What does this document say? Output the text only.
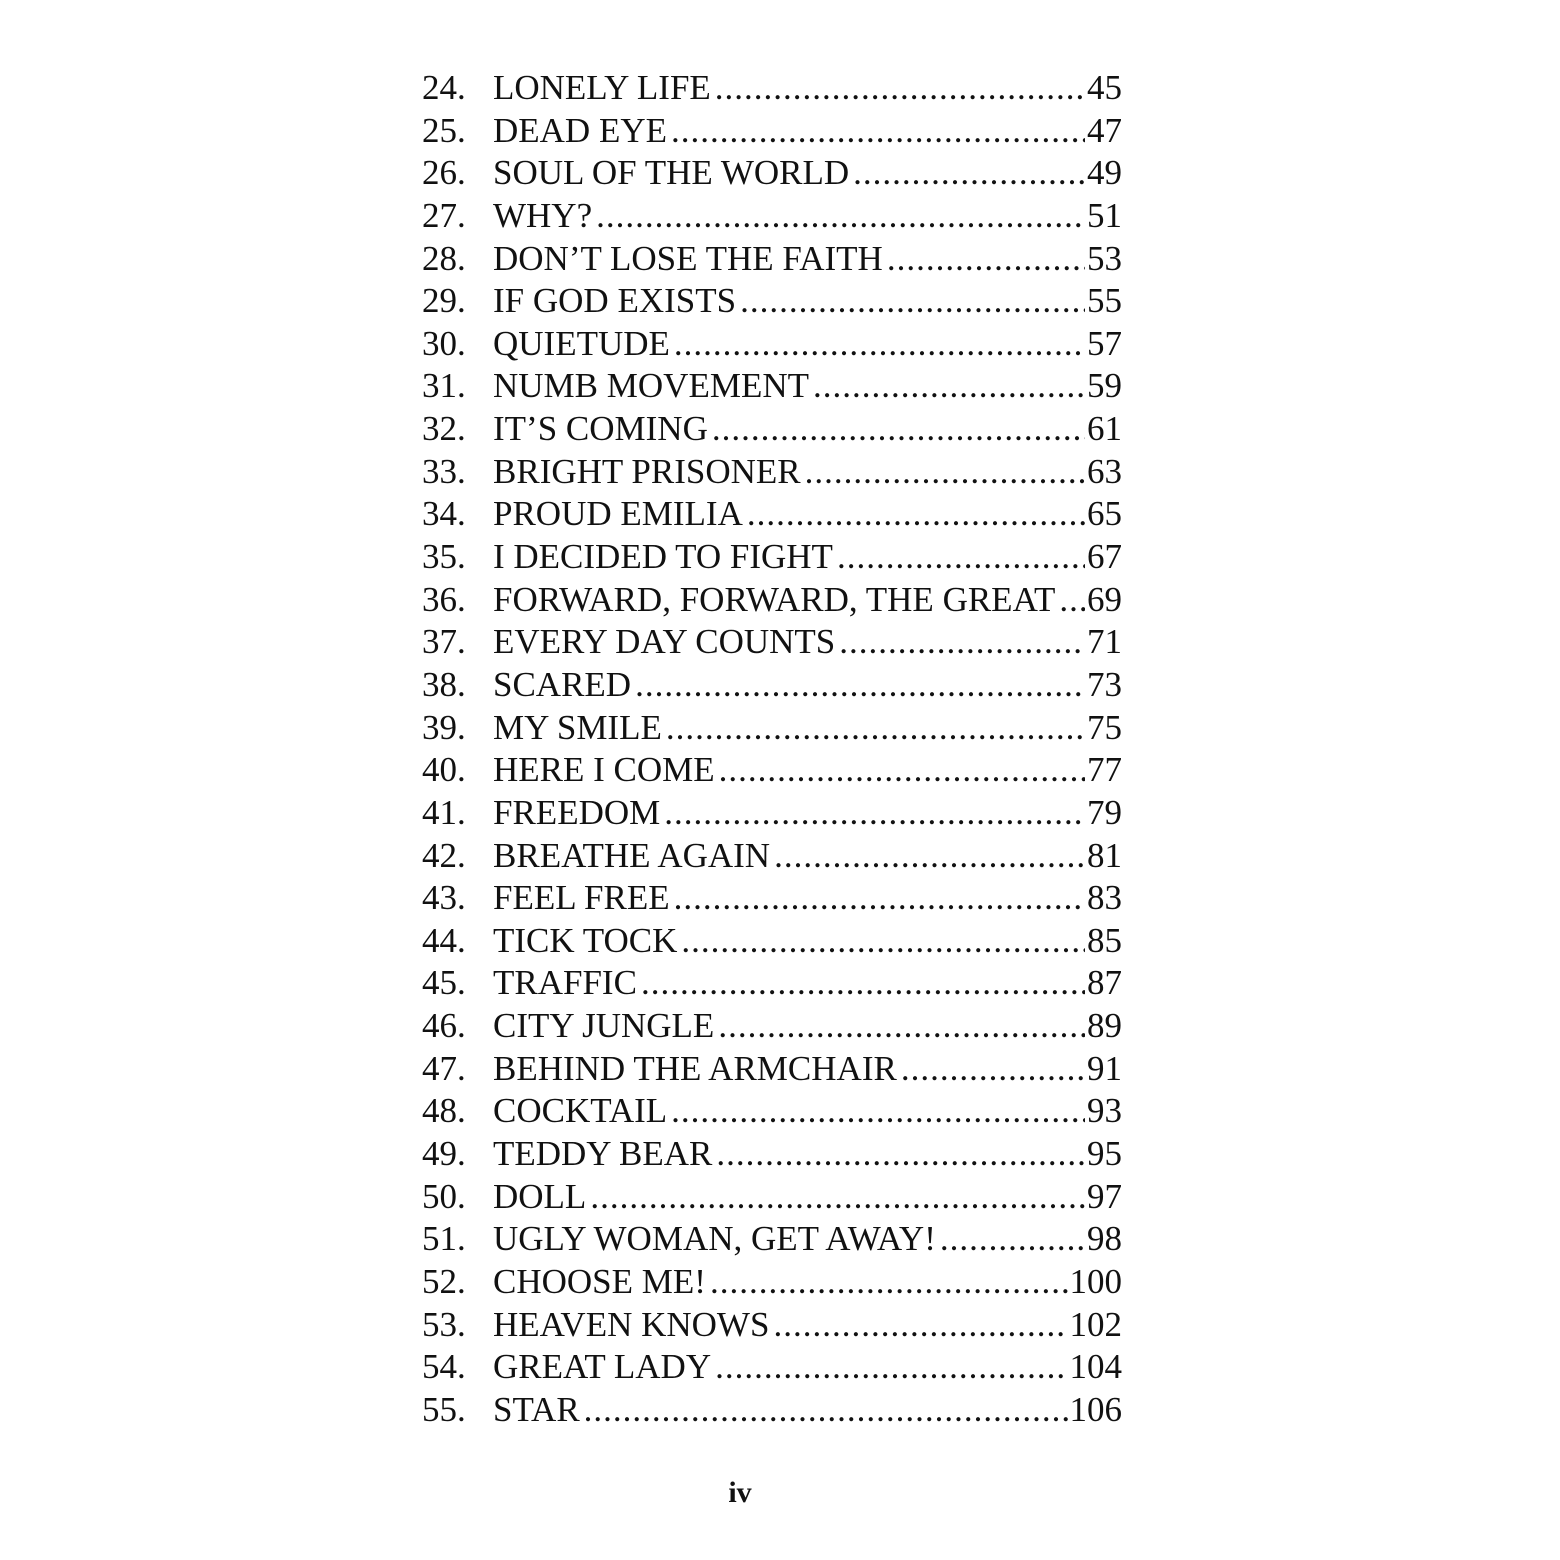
24. LONELY LIFE .....	45
25. DEAD EYE .....	47
26. SOUL OF THE WORLD .....	49
27. WHY? .....	51
28. DON’T LOSE THE FAITH .....	53
29. IF GOD EXISTS .....	55
30. QUIETUDE .....	57
31. NUMB MOVEMENT .....	59
32. IT’S COMING .....	61
33. BRIGHT PRISONER .....	63
34. PROUD EMILIA .....	65
35. I DECIDED TO FIGHT .....	67
36. FORWARD, FORWARD, THE GREAT ..... 69
37. EVERY DAY COUNTS .....	71
38. SCARED .....	73
39. MY SMILE .....	75
40. HERE I COME .....	77
41. FREEDOM .....	79
42. BREATHE AGAIN .....	81
43. FEEL FREE .....	83
44. TICK TOCK .....	85
45. TRAFFIC .....	87
46. CITY JUNGLE .....	89
47. BEHIND THE ARMCHAIR .....	91
48. COCKTAIL .....	93
49. TEDDY BEAR .....	95
50. DOLL .....	97
51. UGLY WOMAN, GET AWAY! .....	98
52. CHOOSE ME! .....	100
53. HEAVEN KNOWS .....	102
54. GREAT LADY .....	104
55. STAR .....	106
iv
